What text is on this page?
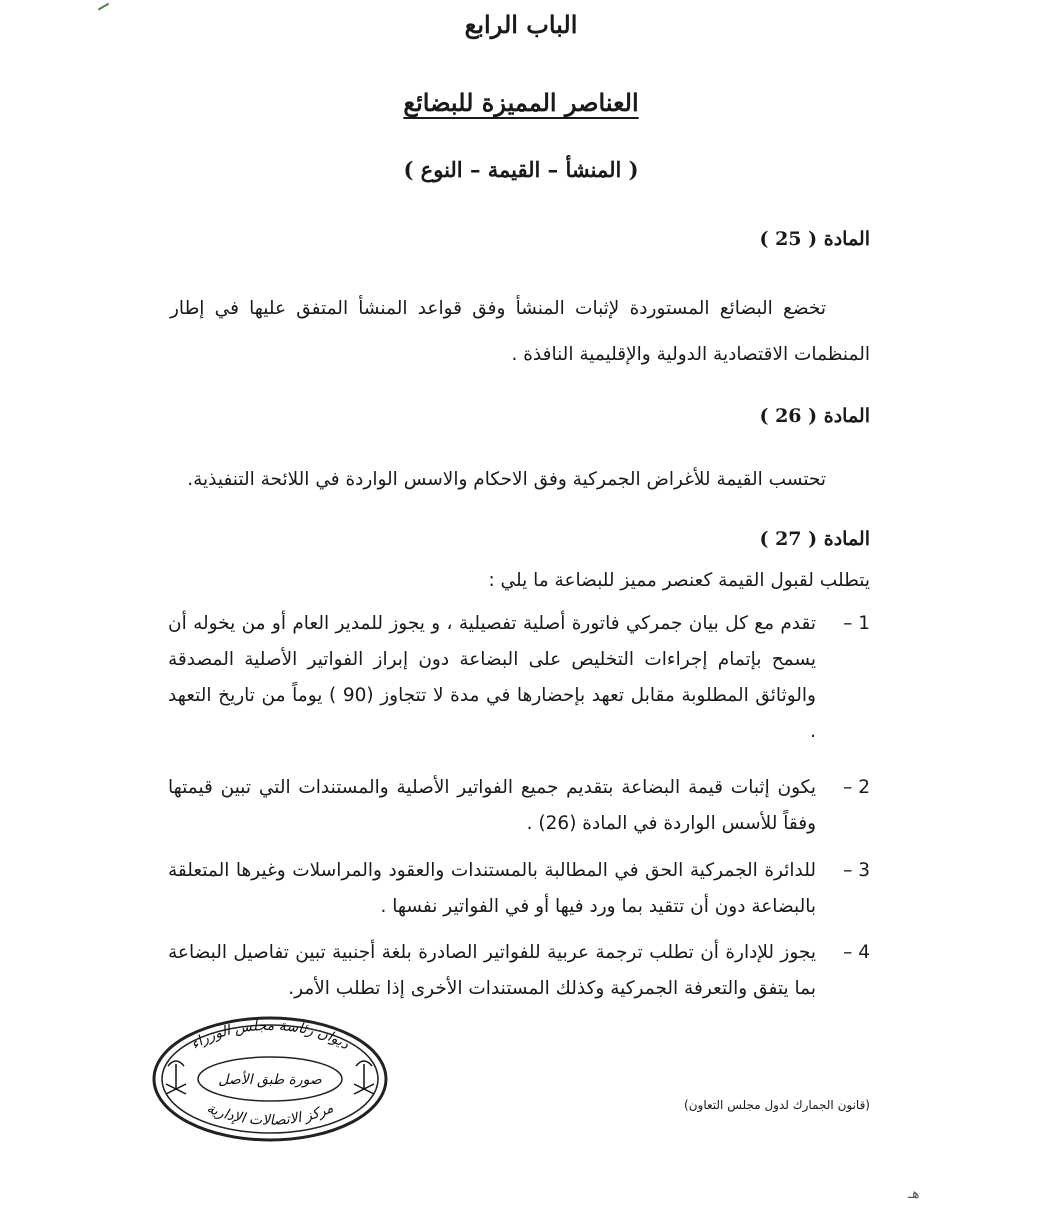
الباب الرابع
العناصر المميزة للبضائع
( المنشأ – القيمة – النوع )
المادة ( 25 )
تخضع البضائع المستوردة لإثبات المنشأ وفق قواعد المنشأ المتفق عليها في إطار المنظمات الاقتصادية الدولية والإقليمية النافذة .
المادة ( 26 )
تحتسب القيمة للأغراض الجمركية وفق الاحكام والاسس الواردة في اللائحة التنفيذية.
المادة ( 27 )
يتطلب لقبول القيمة كعنصر مميز للبضاعة ما يلي :
1 –
تقدم مع كل بيان جمركي فاتورة أصلية تفصيلية ، و يجوز للمدير العام أو من يخوله أن يسمح بإتمام إجراءات التخليص على البضاعة دون إبراز الفواتير الأصلية المصدقة والوثائق المطلوبة مقابل تعهد بإحضارها في مدة لا تتجاوز (90 ) يوماً من تاريخ التعهد .
2 –
يكون إثبات قيمة البضاعة بتقديم جميع الفواتير الأصلية والمستندات التي تبين قيمتها وفقاً للأسس الواردة في المادة (26) .
3 –
للدائرة الجمركية الحق في المطالبة بالمستندات والعقود والمراسلات وغيرها المتعلقة بالبضاعة دون أن تتقيد بما ورد فيها أو في الفواتير نفسها .
4 –
يجوز للإدارة أن تطلب ترجمة عربية للفواتير الصادرة بلغة أجنبية تبين تفاصيل البضاعة بما يتفق والتعرفة الجمركية وكذلك المستندات الأخرى إذا تطلب الأمر.
ديوان رئاسة مجلس الوزراء
مركز الاتصالات الإدارية
صورة طبق الأصل
(قانون الجمارك لدول مجلس التعاون)
هـ
